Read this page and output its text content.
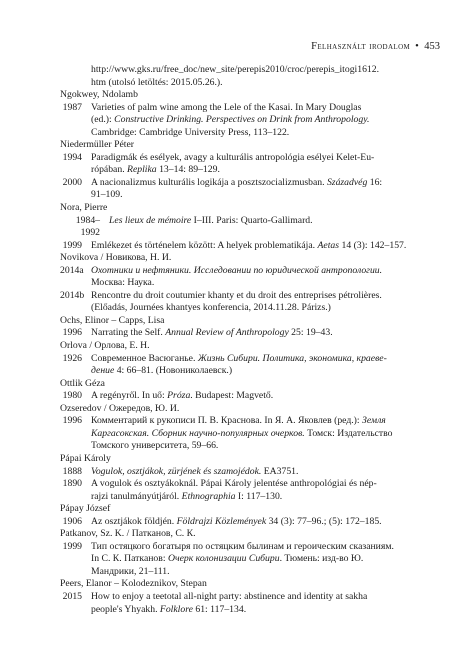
Felhasznált irodalom • 453
http://www.gks.ru/free_doc/new_site/perepis2010/croc/perepis_itogi1612.
htm (utolsó letöltés: 2015.05.26.).
Ngokwey, Ndolamb
1987 Varieties of palm wine among the Lele of the Kasai. In Mary Douglas
(ed.): Constructive Drinking. Perspectives on Drink from Anthropology.
Cambridge: Cambridge University Press, 113–122.
Niedermüller Péter
1994 Paradigmák és esélyek, avagy a kulturális antropológia esélyei Kelet-Eu-
rópában. Replika 13–14: 89–129.
2000 A nacionalizmus kulturális logikája a posztszocializmusban. Századvég 16:
91–109.
Nora, Pierre
1984–1992
Les lieux de mémoire I–III. Paris: Quarto-Gallimard.
1999 Emlékezet és történelem között: A helyek problematikája. Aetas 14 (3): 142–157.
Novikova / Новикова, Н. И.
2014a Охотники и нефтяники. Исследовании по юридической антропологии.
Москва: Наука.
2014b Rencontre du droit coutumier khanty et du droit des entreprises pétrolières.
(Előadás, Journées khantyes konferencia, 2014.11.28. Párizs.)
Ochs, Elinor – Capps, Lisa
1996 Narrating the Self. Annual Review of Anthropology 25: 19–43.
Orlova / Орлова, Е. Н.
1926 Современное Васюганье. Жизнь Сибири. Политика, экономика, краеве-
дение 4: 66–81. (Новониколаевск.)
Ottlik Géza
1980 A regényről. In uő: Próza. Budapest: Magvető.
Ozseredov / Ожередов, Ю. И.
1996 Комментарий к рукописи П. В. Краснова. In Я. А. Яковлев (ред.): Земля
Каргасокская. Сборник научно-популярных очерков. Томск: Издательство
Томского университета, 59–66.
Pápai Károly
1888 Vogulok, osztjákok, zürjének és szamojédok. EA3751.
1890 A vogulok és osztyákoknál. Pápai Károly jelentése anthropológiai és nép-
rajzi tanulmányútjáról. Ethnographia I: 117–130.
Pápay József
1906 Az osztjákok földjén. Földrajzi Közlemények 34 (3): 77–96.; (5): 172–185.
Patkanov, Sz. K. / Патканов, С. К.
1999 Тип остяцкого богатыря по остяцким былинам и героическим сказаниям.
In С. К. Патканов: Очерк колонизации Сибири. Тюмень: изд-во Ю.
Мандрики, 21–111.
Peers, Elanor – Kolodeznikov, Stepan
2015 How to enjoy a teetotal all-night party: abstinence and identity at sakha
people's Yhyakh. Folklore 61: 117–134.
